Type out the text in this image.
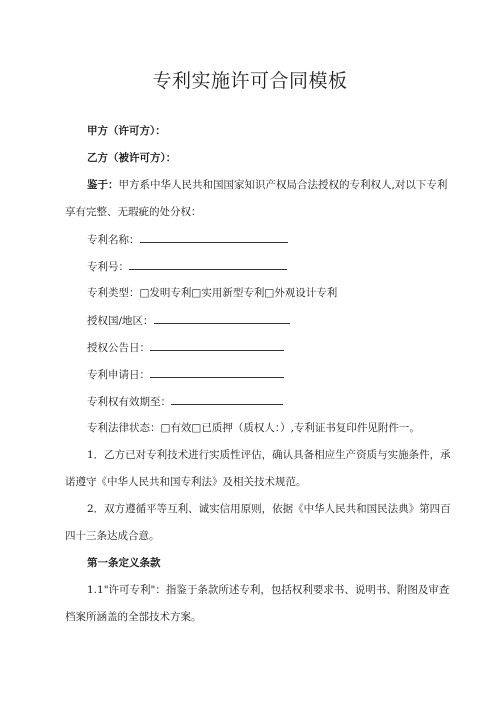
专利实施许可合同模板
甲方（许可方）：
乙方（被许可方）：
鉴于：甲方系中华人民共和国国家知识产权局合法授权的专利权人,对以下专利
享有完整、无瑕疵的处分权：
专利名称：
专利号：
专利类型：□发明专利□实用新型专利□外观设计专利
授权国/地区：
授权公告日：
专利申请日：
专利权有效期至：
专利法律状态：□有效□已质押（质权人：）,专利证书复印件见附件一。
1．乙方已对专利技术进行实质性评估，确认具备相应生产资质与实施条件，承
诺遵守《中华人民共和国专利法》及相关技术规范。
2．双方遵循平等互利、诚实信用原则，依据《中华人民共和国民法典》第四百
四十三条达成合意。
第一条定义条款
1.1"许可专利"：指鉴于条款所述专利，包括权利要求书、说明书、附图及审查
档案所涵盖的全部技术方案。
